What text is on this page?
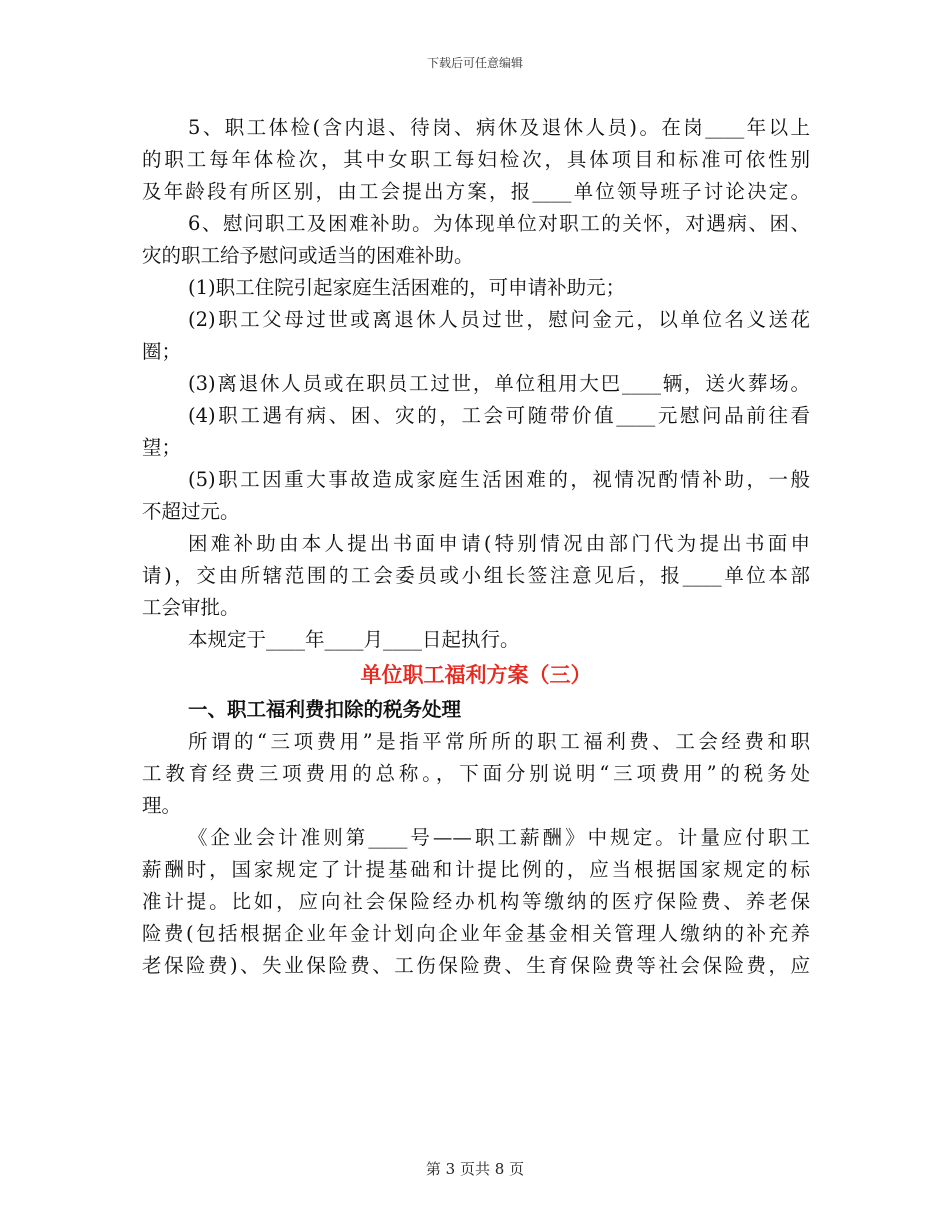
下载后可任意编辑
5、职工体检(含内退、待岗、病休及退休人员)。在岗____年以上
的职工每年体检次，其中女职工每妇检次，具体项目和标准可依性别
及年龄段有所区别，由工会提出方案，报____单位领导班子讨论决定。
6、慰问职工及困难补助。为体现单位对职工的关怀，对遇病、困、
灾的职工给予慰问或适当的困难补助。
(1)职工住院引起家庭生活困难的，可申请补助元；
(2)职工父母过世或离退休人员过世，慰问金元，以单位名义送花
圈；
(3)离退休人员或在职员工过世，单位租用大巴____辆，送火葬场。
(4)职工遇有病、困、灾的，工会可随带价值____元慰问品前往看
望；
(5)职工因重大事故造成家庭生活困难的，视情况酌情补助，一般
不超过元。
困难补助由本人提出书面申请(特别情况由部门代为提出书面申
请)，交由所辖范围的工会委员或小组长签注意见后，报____单位本部
工会审批。
本规定于____年____月____日起执行。
单位职工福利方案（三）
一、职工福利费扣除的税务处理
所谓的“三项费用”是指平常所所的职工福利费、工会经费和职
工教育经费三项费用的总称。，下面分别说明“三项费用”的税务处
理。
《企业会计准则第____号——职工薪酬》中规定。计量应付职工
薪酬时，国家规定了计提基础和计提比例的，应当根据国家规定的标
准计提。比如，应向社会保险经办机构等缴纳的医疗保险费、养老保
险费(包括根据企业年金计划向企业年金基金相关管理人缴纳的补充养
老保险费)、失业保险费、工伤保险费、生育保险费等社会保险费，应
第 3 页共 8 页
